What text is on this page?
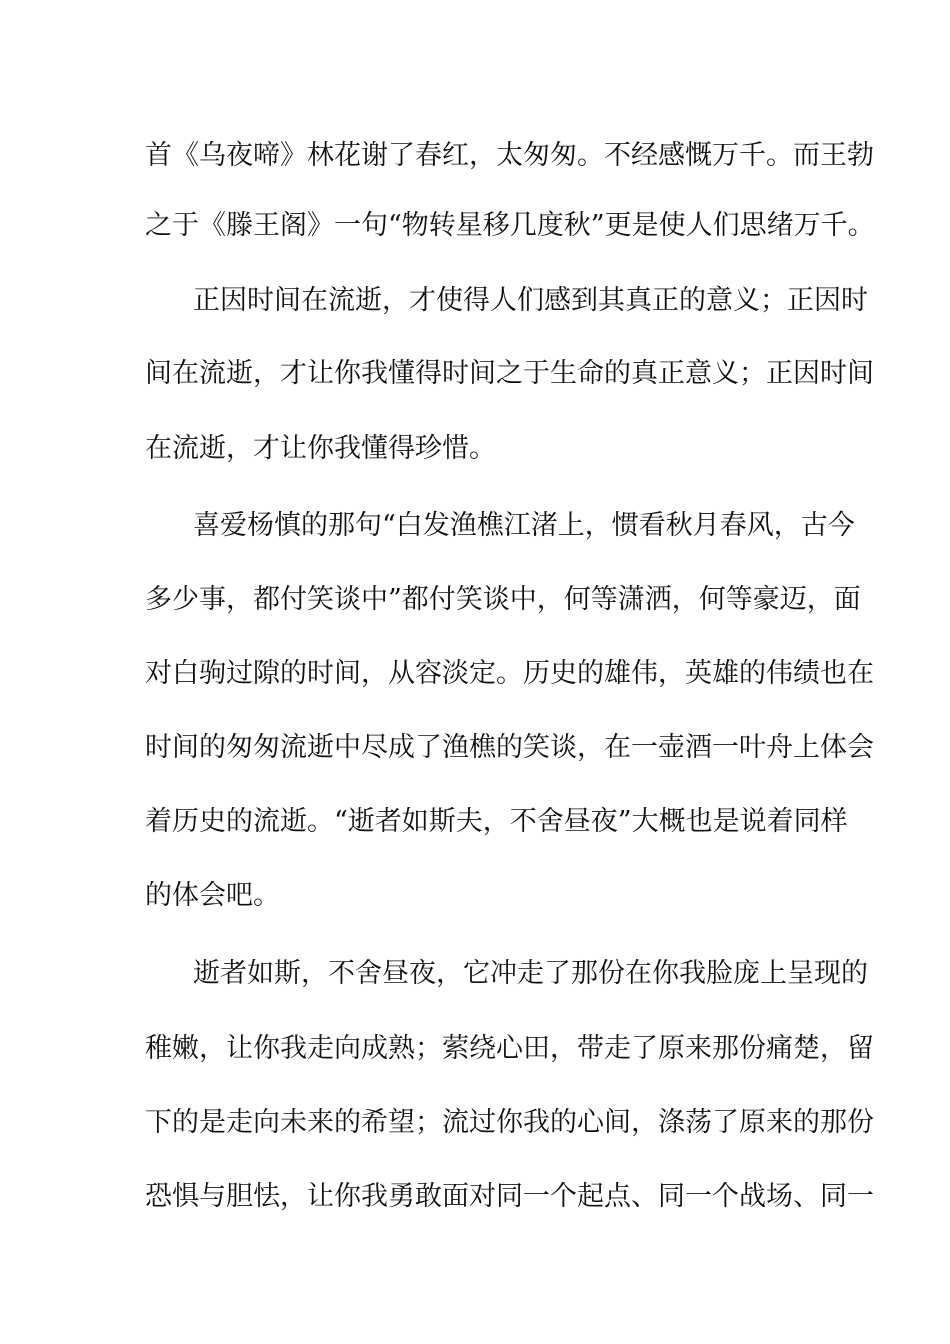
首《乌夜啼》林花谢了春红，太匆匆。不经感慨万千。而王勃
之于《滕王阁》一句“物转星移几度秋”更是使人们思绪万千。
正因时间在流逝，才使得人们感到其真正的意义；正因时
间在流逝，才让你我懂得时间之于生命的真正意义；正因时间
在流逝，才让你我懂得珍惜。
喜爱杨慎的那句“白发渔樵江渚上，惯看秋月春风，古今
多少事，都付笑谈中”都付笑谈中，何等潇洒，何等豪迈，面
对白驹过隙的时间，从容淡定。历史的雄伟，英雄的伟绩也在
时间的匆匆流逝中尽成了渔樵的笑谈，在一壶酒一叶舟上体会
着历史的流逝。“逝者如斯夫，不舍昼夜”大概也是说着同样
的体会吧。
逝者如斯，不舍昼夜，它冲走了那份在你我脸庞上呈现的
稚嫩，让你我走向成熟；萦绕心田，带走了原来那份痛楚，留
下的是走向未来的希望；流过你我的心间，涤荡了原来的那份
恐惧与胆怯，让你我勇敢面对同一个起点、同一个战场、同一
